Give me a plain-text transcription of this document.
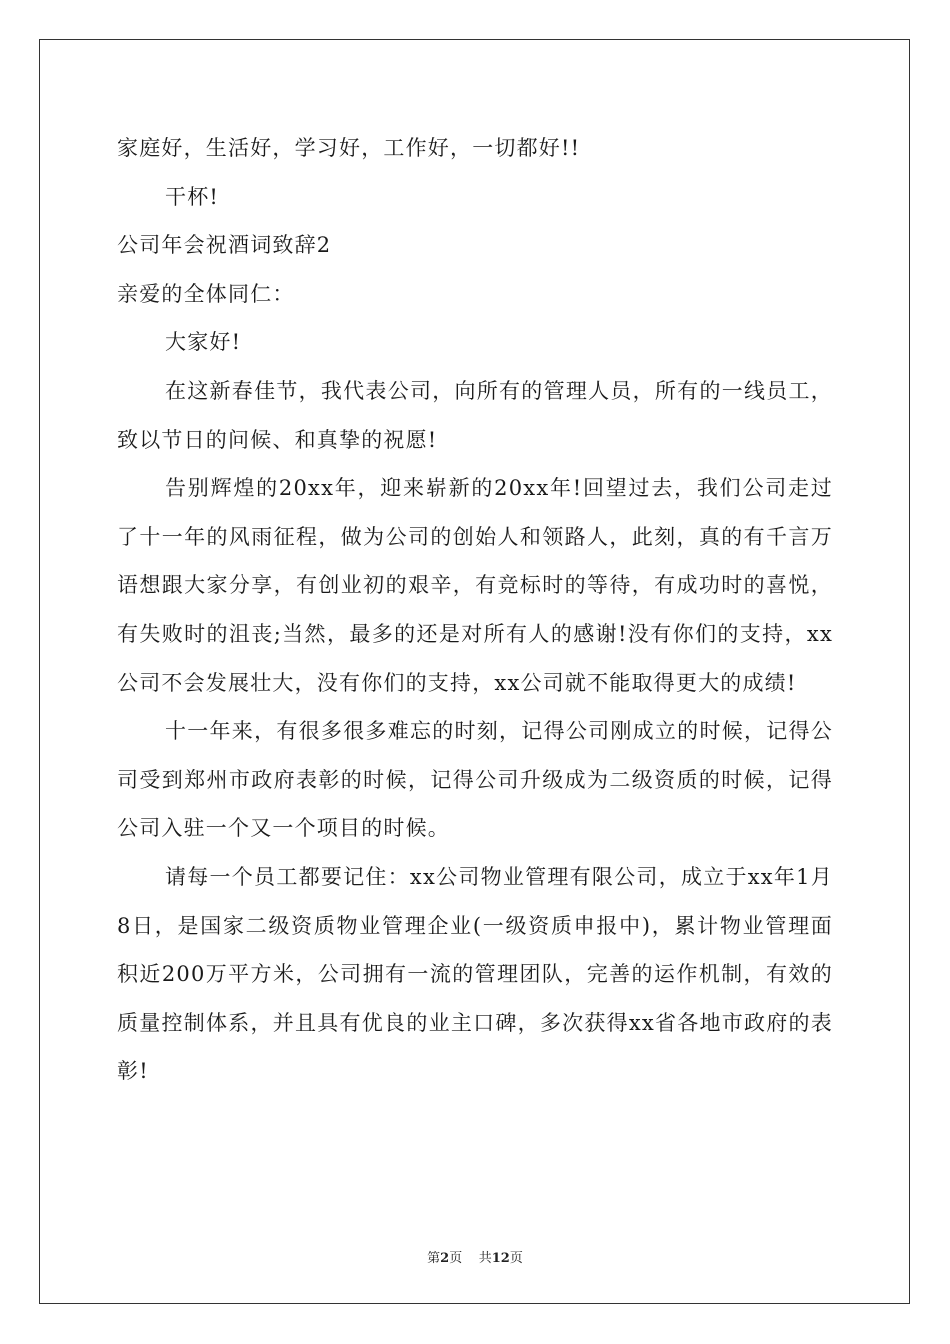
家庭好，生活好，学习好，工作好，一切都好!!

干杯!

公司年会祝酒词致辞2

亲爱的全体同仁：

大家好!

在这新春佳节，我代表公司，向所有的管理人员，所有的一线员工，致以节日的问候、和真挚的祝愿!

告别辉煌的20xx年，迎来崭新的20xx年!回望过去，我们公司走过了十一年的风雨征程，做为公司的创始人和领路人，此刻，真的有千言万语想跟大家分享，有创业初的艰辛，有竞标时的等待，有成功时的喜悦，有失败时的沮丧;当然，最多的还是对所有人的感谢!没有你们的支持，xx公司不会发展壮大，没有你们的支持，xx公司就不能取得更大的成绩!

十一年来，有很多很多难忘的时刻，记得公司刚成立的时候，记得公司受到郑州市政府表彰的时候，记得公司升级成为二级资质的时候，记得公司入驻一个又一个项目的时候。

请每一个员工都要记住：xx公司物业管理有限公司，成立于xx年1月8日，是国家二级资质物业管理企业(一级资质申报中)，累计物业管理面积近200万平方米，公司拥有一流的管理团队，完善的运作机制，有效的质量控制体系，并且具有优良的业主口碑，多次获得xx省各地市政府的表彰!

第2页 共12页
